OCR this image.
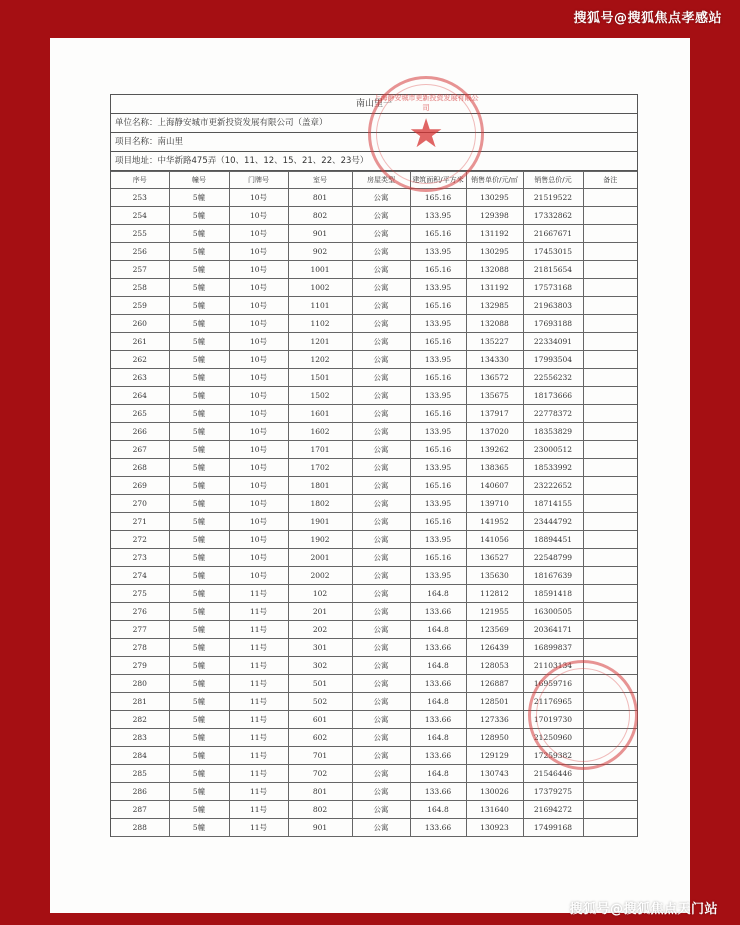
南山里一
单位名称：上海静安城市更新投资发展有限公司（盖章）
项目名称：南山里
项目地址：中华新路475弄（10、11、12、15、21、22、23号）
序号	幢号	门牌号	室号	房屋类型	建筑面积/平方米	销售单价/元/㎡	销售总价/元	备注
253	5幢	10号	801	公寓	165.16	130295	21519522	
254	5幢	10号	802	公寓	133.95	129398	17332862	
255	5幢	10号	901	公寓	165.16	131192	21667671	
256	5幢	10号	902	公寓	133.95	130295	17453015	
257	5幢	10号	1001	公寓	165.16	132088	21815654	
258	5幢	10号	1002	公寓	133.95	131192	17573168	
259	5幢	10号	1101	公寓	165.16	132985	21963803	
260	5幢	10号	1102	公寓	133.95	132088	17693188	
261	5幢	10号	1201	公寓	165.16	135227	22334091	
262	5幢	10号	1202	公寓	133.95	134330	17993504	
263	5幢	10号	1501	公寓	165.16	136572	22556232	
264	5幢	10号	1502	公寓	133.95	135675	18173666	
265	5幢	10号	1601	公寓	165.16	137917	22778372	
266	5幢	10号	1602	公寓	133.95	137020	18353829	
267	5幢	10号	1701	公寓	165.16	139262	23000512	
268	5幢	10号	1702	公寓	133.95	138365	18533992	
269	5幢	10号	1801	公寓	165.16	140607	23222652	
270	5幢	10号	1802	公寓	133.95	139710	18714155	
271	5幢	10号	1901	公寓	165.16	141952	23444792	
272	5幢	10号	1902	公寓	133.95	141056	18894451	
273	5幢	10号	2001	公寓	165.16	136527	22548799	
274	5幢	10号	2002	公寓	133.95	135630	18167639	
275	5幢	11号	102	公寓	164.8	112812	18591418	
276	5幢	11号	201	公寓	133.66	121955	16300505	
277	5幢	11号	202	公寓	164.8	123569	20364171	
278	5幢	11号	301	公寓	133.66	126439	16899837	
279	5幢	11号	302	公寓	164.8	128053	21103134	
280	5幢	11号	501	公寓	133.66	126887	16959716	
281	5幢	11号	502	公寓	164.8	128501	21176965	
282	5幢	11号	601	公寓	133.66	127336	17019730	
283	5幢	11号	602	公寓	164.8	128950	21250960	
284	5幢	11号	701	公寓	133.66	129129	17259382	
285	5幢	11号	702	公寓	164.8	130743	21546446	
286	5幢	11号	801	公寓	133.66	130026	17379275	
287	5幢	11号	802	公寓	164.8	131640	21694272	
288	5幢	11号	901	公寓	133.66	130923	17499168	
上海静安城市更新投资发展有限公司
★
搜狐号@搜狐焦点孝感站
搜狐号@搜狐焦点天门站
